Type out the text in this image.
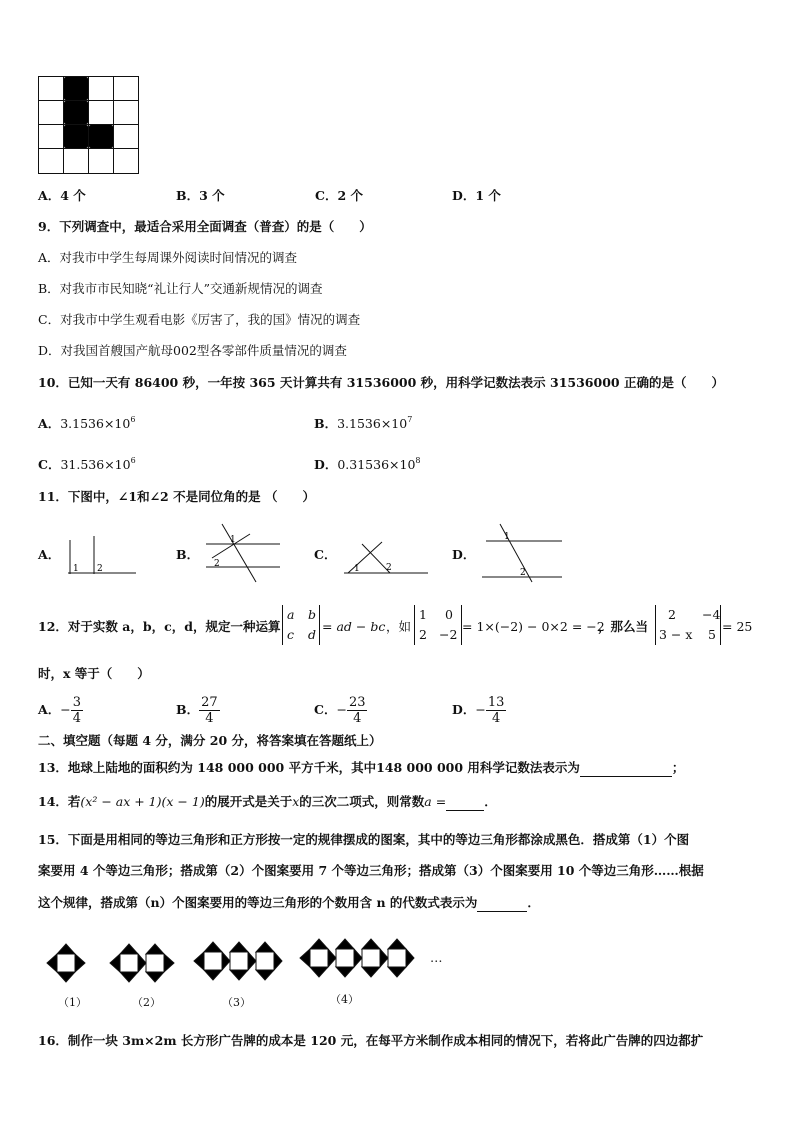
A．4 个	B．3 个	C．2 个	D．1 个
9．下列调查中，最适合采用全面调查（普查）的是（　　）
A．对我市中学生每周课外阅读时间情况的调查
B．对我市市民知晓“礼让行人”交通新规情况的调查
C．对我市中学生观看电影《厉害了，我的国》情况的调查
D．对我国首艘国产航母002型各零部件质量情况的调查
10．已知一天有 86400 秒，一年按 365 天计算共有 31536000 秒，用科学记数法表示 31536000 正确的是（　　）
A．$3.1536\times 10^6$	B．$3.1536\times 10^7$
C．$31.536\times 10^6$	D．$0.31536\times 10^8$
11．下图中，∠1和∠2 不是同位角的是 （　　）
A．
1 2
B．
1
2
C．
1	2
D．
1
2
12．对于实数 a，b，c，d，规定一种运算
a b
c d
= ad − bc ，如
1 0
2 −2
= 1×(−2) − 0×2 = −2
，那么当
2 −4
3 − x 5
= 25
时，x 等于（　　）
A．− $\frac{3}{4}$	B． $\frac{27}{4}$	C．− $\frac{23}{4}$	D．− $\frac{13}{4}$
二、填空题（每题 4 分，满分 20 分，将答案填在答题纸上）
13．地球上陆地的面积约为 148 000 000 平方千米，其中148 000 000 用科学记数法表示为	；
14．若(x² − ax + 1)(x − 1)的展开式是关于x的三次二项式，则常数a =	．
15．下面是用相同的等边三角形和正方形按一定的规律摆成的图案，其中的等边三角形都涂成黑色．搭成第（1）个图
案要用 4 个等边三角形；搭成第（2）个图案要用 7 个等边三角形；搭成第（3）个图案要用 10 个等边三角形……根据
这个规律，搭成第（n）个图案要用的等边三角形的个数用含 n 的代数式表示为	．
…
（1）	（2）	（3）	（4）
16．制作一块 3m×2m 长方形广告牌的成本是 120 元，在每平方米制作成本相同的情况下，若将此广告牌的四边都扩
